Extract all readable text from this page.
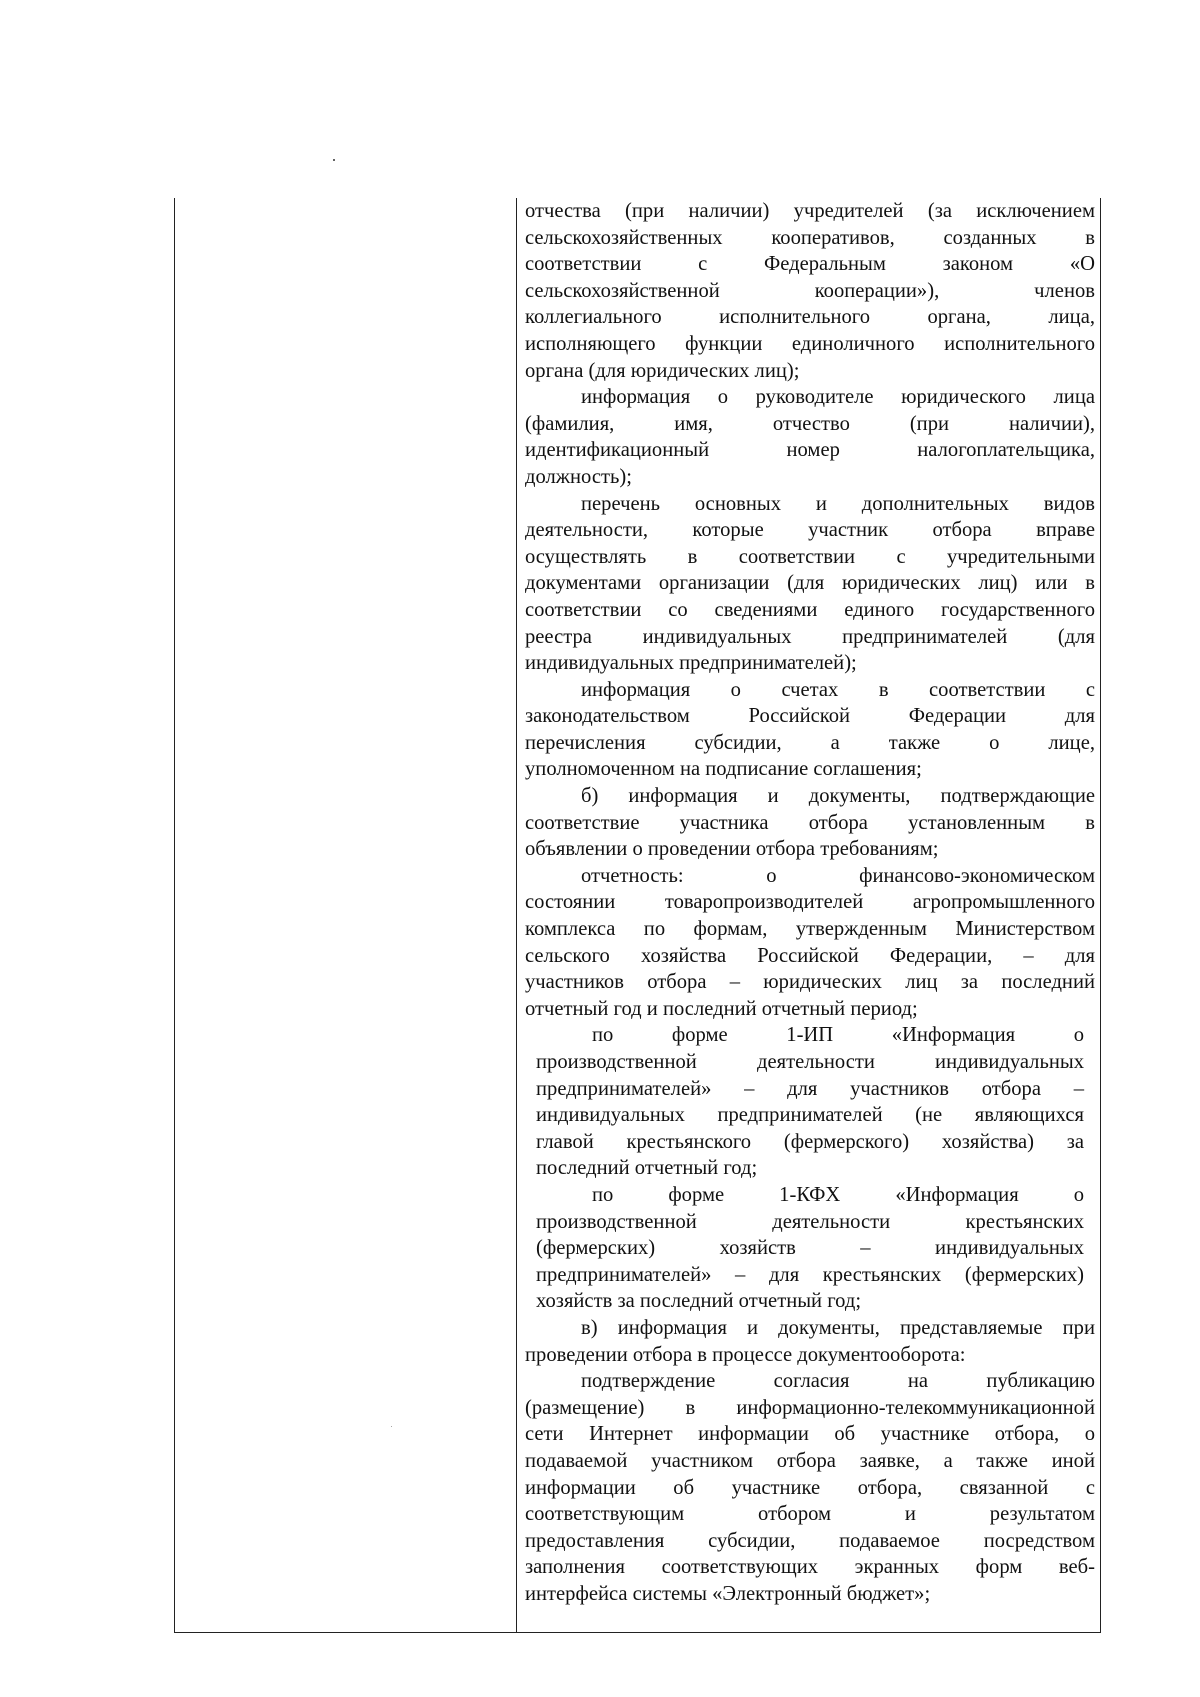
отчества (при наличии) учредителей (за исключением
сельскохозяйственных кооперативов, созданных в
соответствии с Федеральным законом «О
сельскохозяйственной кооперации»), членов
коллегиального исполнительного органа, лица,
исполняющего функции единоличного исполнительного
органа (для юридических лиц);
информация о руководителе юридического лица
(фамилия, имя, отчество (при наличии),
идентификационный номер налогоплательщика,
должность);
перечень основных и дополнительных видов
деятельности, которые участник отбора вправе
осуществлять в соответствии с учредительными
документами организации (для юридических лиц) или в
соответствии со сведениями единого государственного
реестра индивидуальных предпринимателей (для
индивидуальных предпринимателей);
информация о счетах в соответствии с
законодательством Российской Федерации для
перечисления субсидии, а также о лице,
уполномоченном на подписание соглашения;
б) информация и документы, подтверждающие
соответствие участника отбора установленным в
объявлении о проведении отбора требованиям;
отчетность: о финансово-экономическом
состоянии товаропроизводителей агропромышленного
комплекса по формам, утвержденным Министерством
сельского хозяйства Российской Федерации, – для
участников отбора – юридических лиц за последний
отчетный год и последний отчетный период;
по форме 1-ИП «Информация о
производственной деятельности индивидуальных
предпринимателей» – для участников отбора –
индивидуальных предпринимателей (не являющихся
главой крестьянского (фермерского) хозяйства) за
последний отчетный год;
по форме 1-КФХ «Информация о
производственной деятельности крестьянских
(фермерских) хозяйств – индивидуальных
предпринимателей» – для крестьянских (фермерских)
хозяйств за последний отчетный год;
в) информация и документы, представляемые при
проведении отбора в процессе документооборота:
подтверждение согласия на публикацию
(размещение) в информационно-телекоммуникационной
сети Интернет информации об участнике отбора, о
подаваемой участником отбора заявке, а также иной
информации об участнике отбора, связанной с
соответствующим отбором и результатом
предоставления субсидии, подаваемое посредством
заполнения соответствующих экранных форм веб-
интерфейса системы «Электронный бюджет»;
